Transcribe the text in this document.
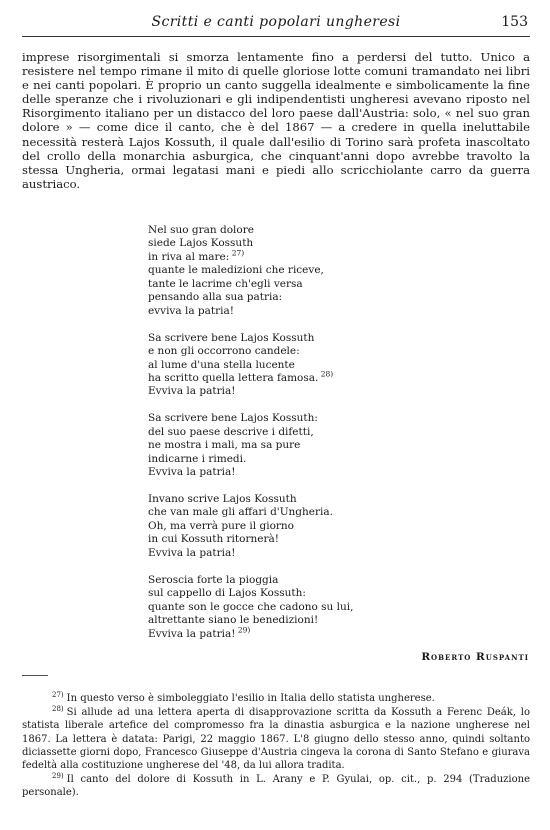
Scritti e canti popolari ungheresi	153

imprese risorgimentali si smorza lentamente fino a perdersi del tutto. Unico a resistere nel tempo rimane il mito di quelle gloriose lotte comuni tramandato nei libri e nei canti popolari. È proprio un canto suggella idealmente e simbolicamente la fine delle speranze che i rivoluzionari e gli indipendentisti ungheresi avevano riposto nel Risorgimento italiano per un distacco del loro paese dall'Austria: solo, « nel suo gran dolore » — come dice il canto, che è del 1867 — a credere in quella ineluttabile necessità resterà Lajos Kossuth, il quale dall'esilio di Torino sarà profeta inascoltato del crollo della monarchia asburgica, che cinquant'anni dopo avrebbe travolto la stessa Ungheria, ormai legatasi mani e piedi allo scricchiolante carro da guerra austriaco.

Nel suo gran dolore
siede Lajos Kossuth
in riva al mare: $^{27)}$
quante le maledizioni che riceve,
tante le lacrime ch'egli versa
pensando alla sua patria:
evviva la patria!
Sa scrivere bene Lajos Kossuth
e non gli occorrono candele:
al lume d'una stella lucente
ha scritto quella lettera famosa. $^{28)}$
Evviva la patria!
Sa scrivere bene Lajos Kossuth:
del suo paese descrive i difetti,
ne mostra i mali, ma sa pure
indicarne i rimedi.
Evviva la patria!
Invano scrive Lajos Kossuth
che van male gli affari d'Ungheria.
Oh, ma verrà pure il giorno
in cui Kossuth ritornerà!
Evviva la patria!
Seroscia forte la pioggia
sul cappello di Lajos Kossuth:
quante son le gocce che cadono su lui,
altrettante siano le benedizioni!
Evviva la patria! $^{29)}$
Roberto Ruspanti

$^{27)}$ In questo verso è simboleggiato l'esilio in Italia dello statista ungherese.

$^{28)}$ Si allude ad una lettera aperta di disapprovazione scritta da Kossuth a Ferenc Deák, lo statista liberale artefice del compromesso fra la dinastia asburgica e la nazione ungherese nel 1867. La lettera è datata: Parigi, 22 maggio 1867. L'8 giugno dello stesso anno, quindi soltanto diciassette giorni dopo, Francesco Giuseppe d'Austria cingeva la corona di Santo Stefano e giurava fedeltà alla costituzione ungherese del '48, da lui allora tradita.

$^{29)}$ Il canto del dolore di Kossuth in L. Arany e P. Gyulai, op. cit., p. 294 (Traduzione personale).
